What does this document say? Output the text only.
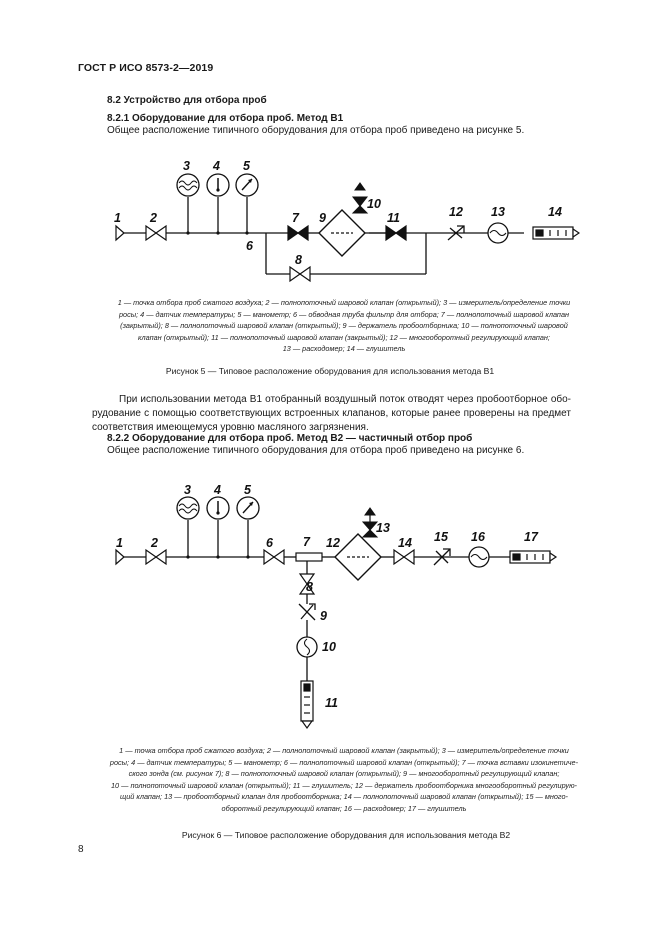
ГОСТ Р ИСО 8573-2—2019
8.2 Устройство для отбора проб
8.2.1 Оборудование для отбора проб. Метод B1
Общее расположение типичного оборудования для отбора проб приведено на рисунке 5.
1 2
3 4 5
6
7
8
9
10
11	12 13	14
1 — точка отбора проб сжатого воздуха; 2 — полнопоточный шаровой клапан (открытый); 3 — измеритель/определение точки
росы; 4 — датчик температуры; 5 — манометр; 6 — обводная труба фильтр для отбора; 7 — полнопоточный шаровой клапан
(закрытый); 8 — полнопоточный шаровой клапан (открытый); 9 — держатель пробоотборника; 10 — полнопоточный шаровой
клапан (открытый); 11 — полнопоточный шаровой клапан (закрытый); 12 — многооборотный регулирующий клапан;
13 — расходомер; 14 — глушитель
Рисунок 5 — Типовое расположение оборудования для использования метода B1
При использовании метода B1 отобранный воздушный поток отводят через пробоотборное обо-
рудование с помощью соответствующих встроенных клапанов, которые ранее проверены на предмет
соответствия имеющемуся уровню масляного загрязнения.
8.2.2 Оборудование для отбора проб. Метод B2 — частичный отбор проб
Общее расположение типичного оборудования для отбора проб приведено на рисунке 6.
1 2
3 4 5
6 7
8
9
10
11
12
13
14 15 16	17
1 — точка отбора проб сжатого воздуха; 2 — полнопоточный шаровой клапан (закрытый); 3 — измеритель/определение точки
росы; 4 — датчик температуры; 5 — манометр; 6 — полнопоточный шаровой клапан (открытый); 7 — точка вставки изокинетиче-
ского зонда (см. рисунок 7); 8 — полнопоточный шаровой клапан (открытый); 9 — многооборотный регулирующий клапан;
10 — полнопоточный шаровой клапан (открытый); 11 — глушитель; 12 — держатель пробоотборника многооборотный регулирую-
щий клапан; 13 — пробоотборный клапан для пробоотборника; 14 — полнопоточный шаровой клапан (открытый); 15 — много-
оборотный регулирующий клапан; 16 — расходомер; 17 — глушитель
Рисунок 6 — Типовое расположение оборудования для использования метода B2
8
